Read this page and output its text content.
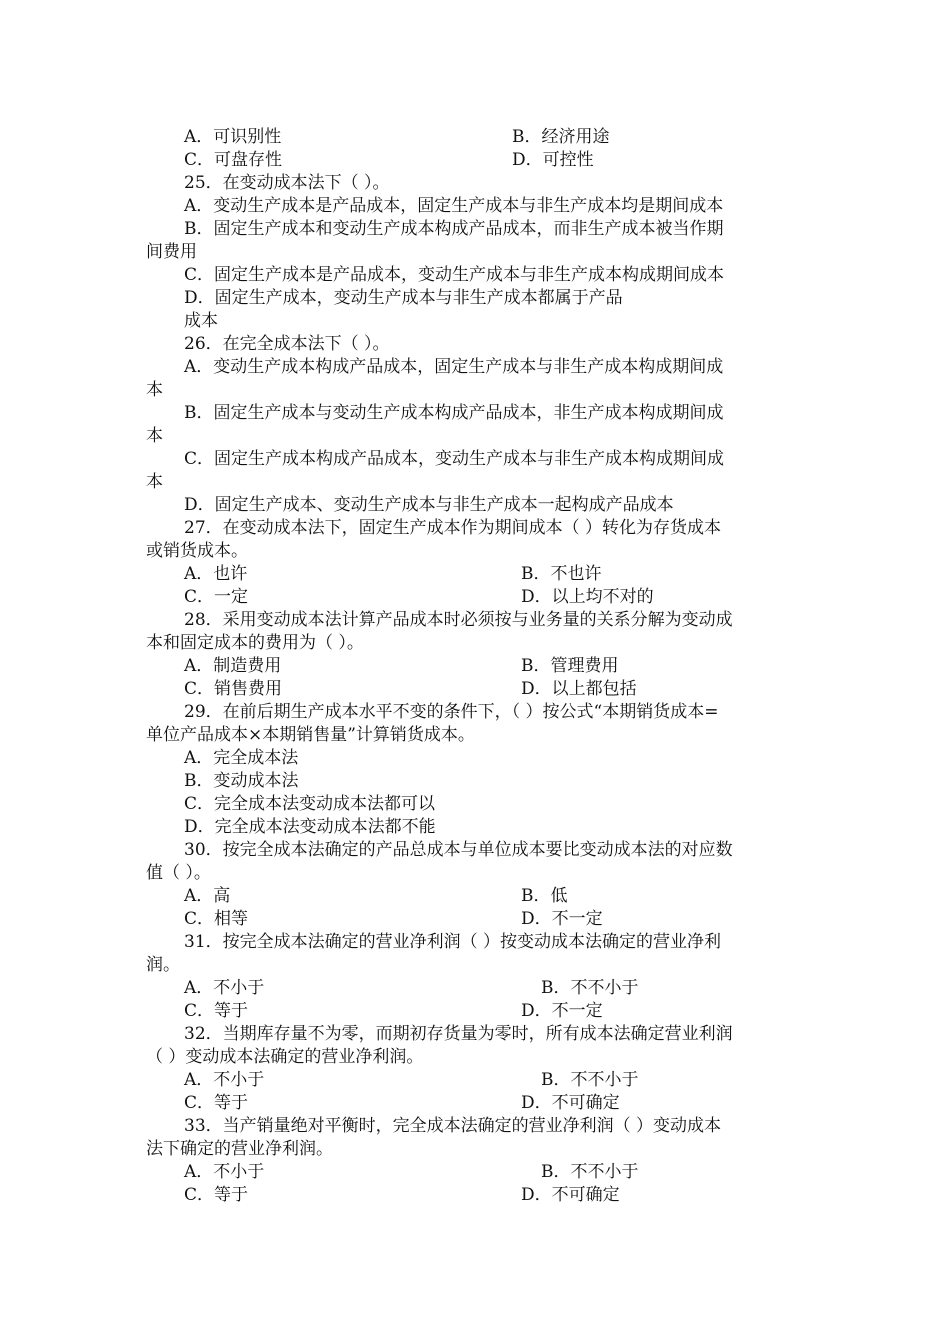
A．可识别性	B．经济用途
C．可盘存性	D．可控性
25．在变动成本法下（ ）。
A．变动生产成本是产品成本，固定生产成本与非生产成本均是期间成本
B．固定生产成本和变动生产成本构成产品成本，而非生产成本被当作期
间费用
C．固定生产成本是产品成本，变动生产成本与非生产成本构成期间成本
D．固定生产成本，变动生产成本与非生产成本都属于产品
成本
26．在完全成本法下（ ）。
A．变动生产成本构成产品成本，固定生产成本与非生产成本构成期间成
本
B．固定生产成本与变动生产成本构成产品成本，非生产成本构成期间成
本
C．固定生产成本构成产品成本，变动生产成本与非生产成本构成期间成
本
D．固定生产成本、变动生产成本与非生产成本一起构成产品成本
27．在变动成本法下，固定生产成本作为期间成本（ ）转化为存货成本
或销货成本。
A．也许	B．不也许
C．一定	D．以上均不对的
28．采用变动成本法计算产品成本时必须按与业务量的关系分解为变动成
本和固定成本的费用为（ ）。
A．制造费用	B．管理费用
C．销售费用	D．以上都包括
29．在前后期生产成本水平不变的条件下，（ ）按公式“本期销货成本=
单位产品成本×本期销售量”计算销货成本。
A．完全成本法
B．变动成本法
C．完全成本法变动成本法都可以
D．完全成本法变动成本法都不能
30．按完全成本法确定的产品总成本与单位成本要比变动成本法的对应数
值（ ）。
A．高	B．低
C．相等	D．不一定
31．按完全成本法确定的营业净利润（ ）按变动成本法确定的营业净利
润。
A．不小于	B．不不小于
C．等于	D．不一定
32．当期库存量不为零，而期初存货量为零时，所有成本法确定营业利润
（ ）变动成本法确定的营业净利润。
A．不小于	B．不不小于
C．等于	D．不可确定
33．当产销量绝对平衡时，完全成本法确定的营业净利润（ ）变动成本
法下确定的营业净利润。
A．不小于	B．不不小于
C．等于	D．不可确定
